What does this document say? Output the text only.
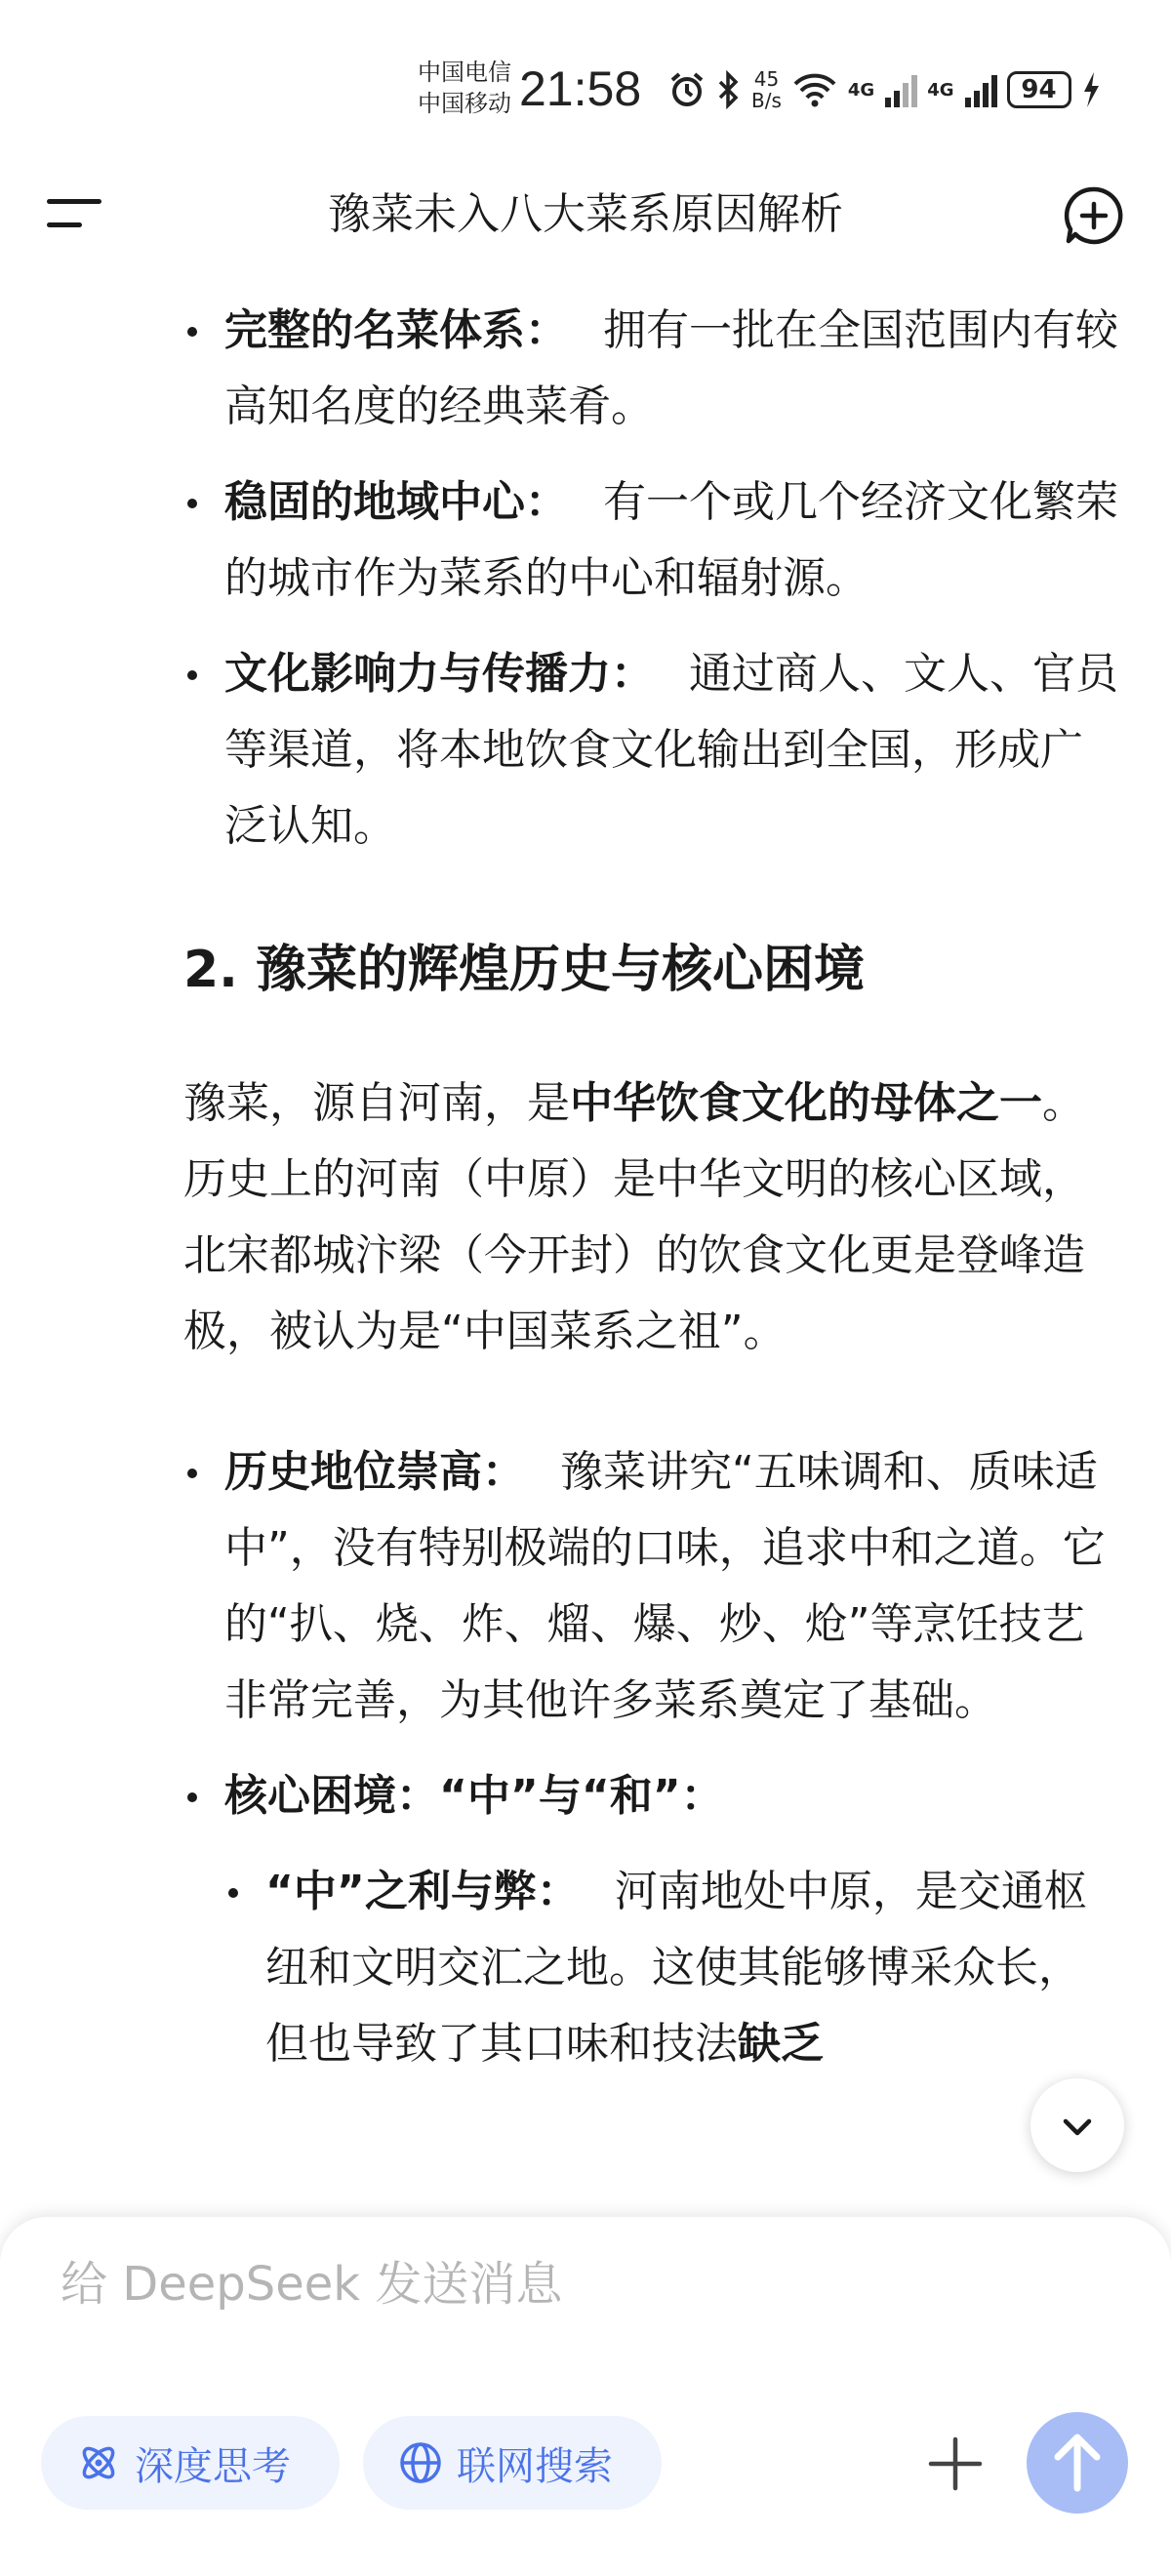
中国电信
中国移动 21:58	45
B/s	4G	4G	94
豫菜未入八大菜系原因解析
完整的名菜体系： 拥有一批在全国范围内有较高知名度的经典菜肴。
稳固的地域中心： 有一个或几个经济文化繁荣的城市作为菜系的中心和辐射源。
文化影响力与传播力： 通过商人、文人、官员等渠道，将本地饮食文化输出到全国，形成广泛认知。
2. 豫菜的辉煌历史与核心困境

豫菜，源自河南，是中华饮食文化的母体之一。历史上的河南（中原）是中华文明的核心区域，北宋都城汴梁（今开封）的饮食文化更是登峰造极，被认为是“中国菜系之祖”。

历史地位崇高： 豫菜讲究“五味调和、质味适中”，没有特别极端的口味，追求中和之道。它的“扒、烧、炸、熘、爆、炒、炝”等烹饪技艺非常完善，为其他许多菜系奠定了基础。
核心困境：“中”与“和”：
“中”之利与弊： 河南地处中原，是交通枢纽和文明交汇之地。这使其能够博采众长，但也导致了其口味和技法缺乏
给 DeepSeek 发送消息
深度思考	联网搜索
